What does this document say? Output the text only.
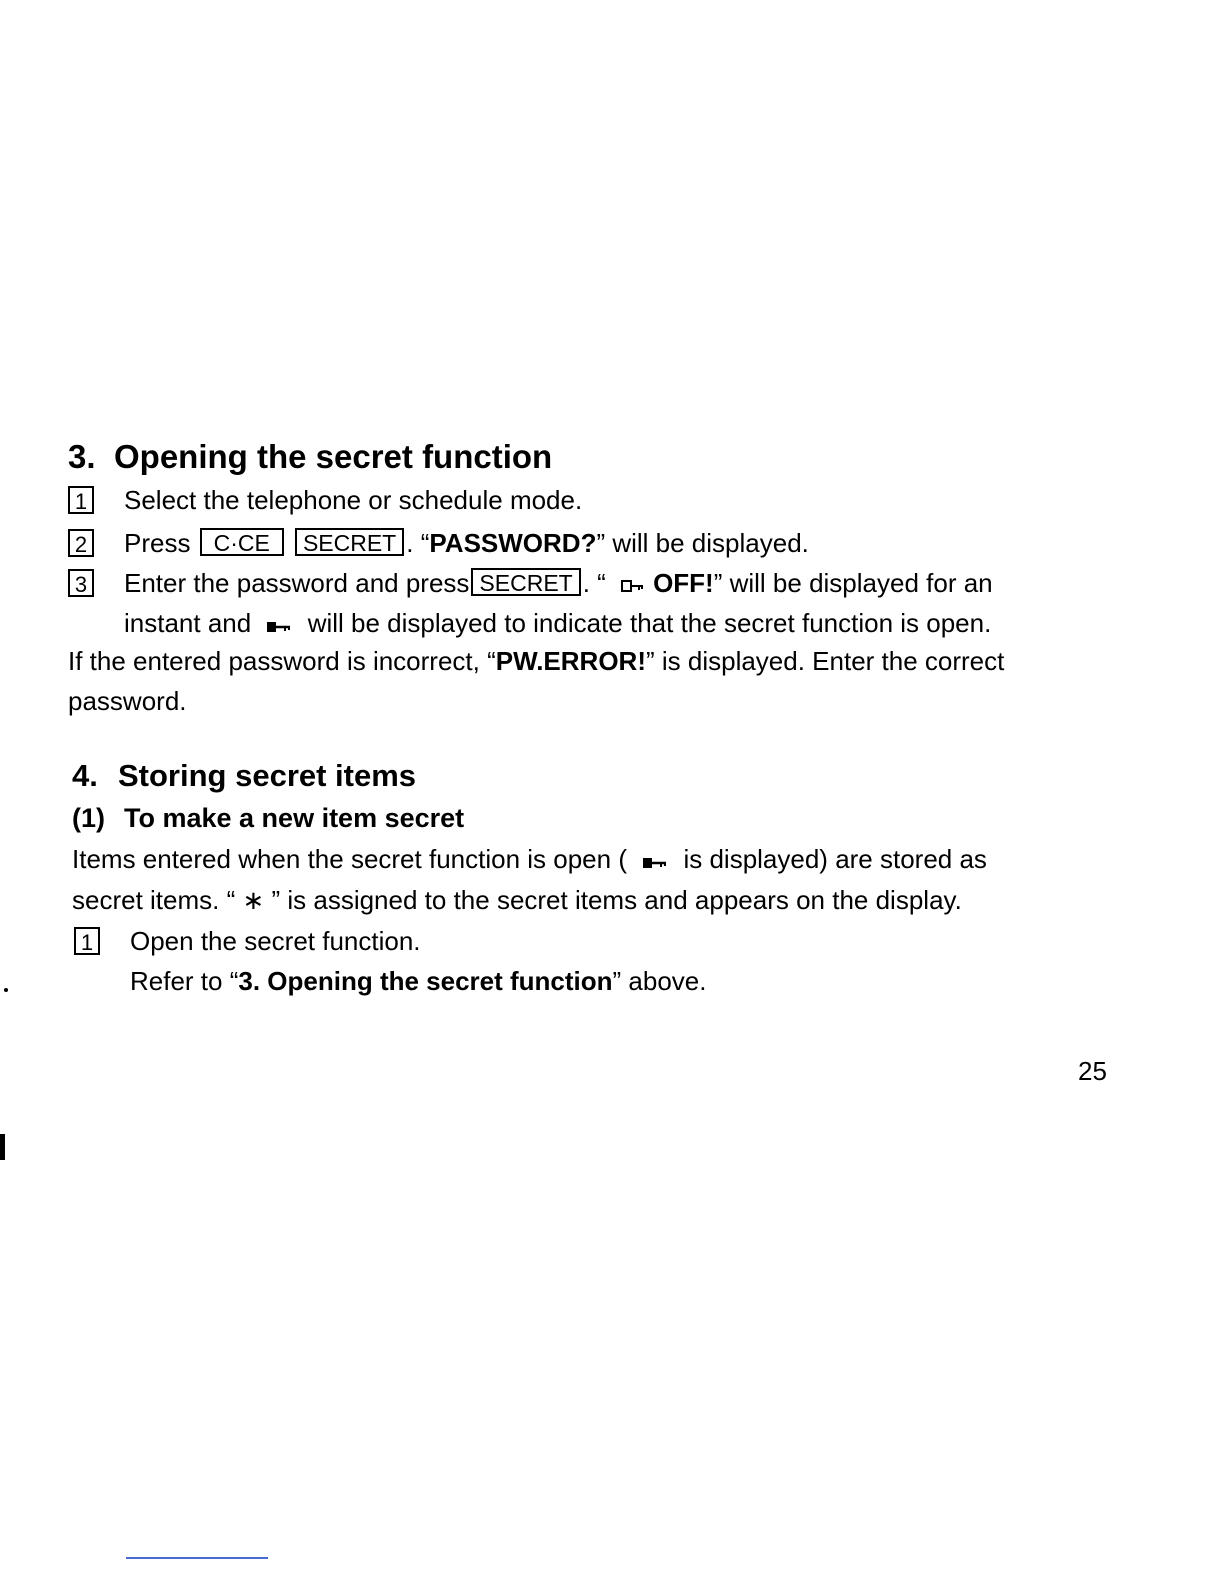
3. Opening the secret function
1 Select the telephone or schedule mode.
2 Press C·CE SECRET . “PASSWORD?” will be displayed.
3 Enter the password and press SECRET . “ OFF!” will be displayed for an
instant and will be displayed to indicate that the secret function is open.
If the entered password is incorrect, “PW.ERROR!” is displayed. Enter the correct
password.
4. Storing secret items
(1) To make a new item secret
Items entered when the secret function is open ( is displayed) are stored as
secret items. “ ∗ ” is assigned to the secret items and appears on the display.
1 Open the secret function.
Refer to “3. Opening the secret function” above.
25
